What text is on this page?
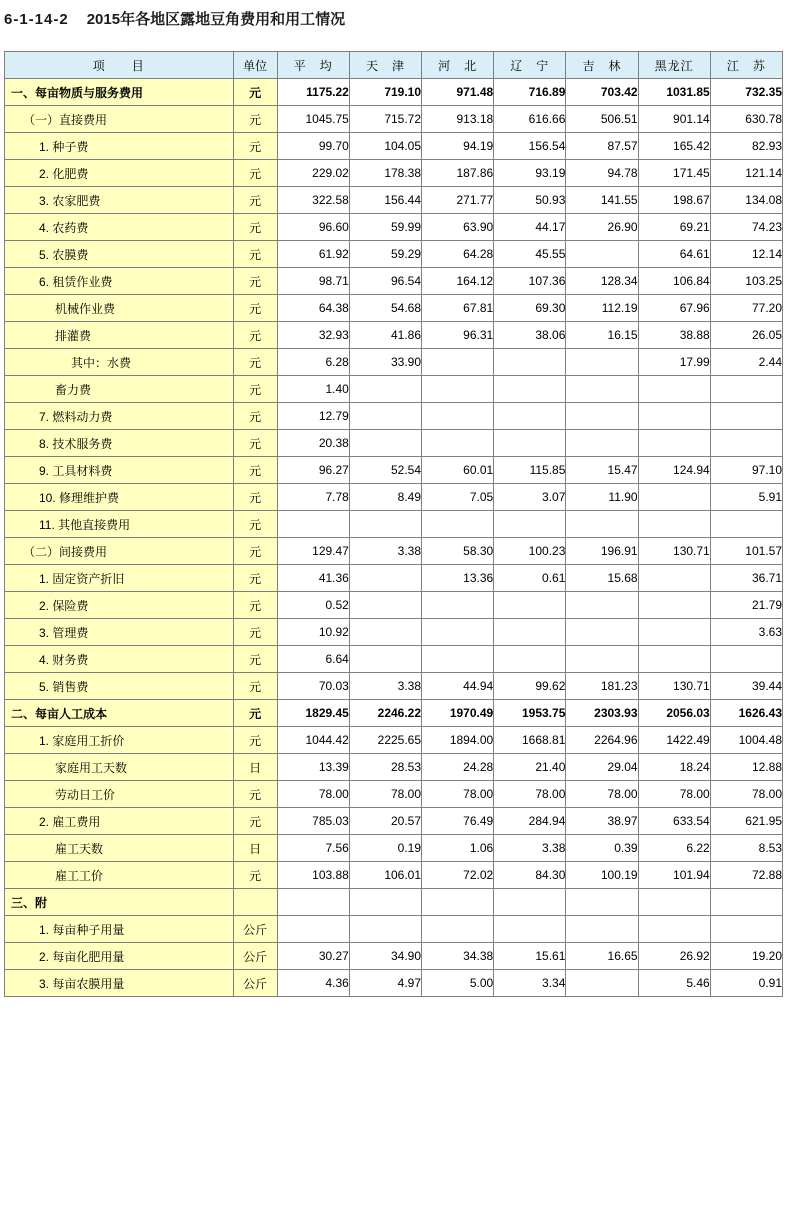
6-1-14-2 2015年各地区露地豆角费用和用工情况
项　　目	单位	平　均	天　津	河　北	辽　宁	吉　林	黑龙江	江　苏
一、每亩物质与服务费用	元	1175.22	719.10	971.48	716.89	703.42	1031.85	732.35
（一）直接费用	元	1045.75	715.72	913.18	616.66	506.51	901.14	630.78
1. 种子费	元	99.70	104.05	94.19	156.54	87.57	165.42	82.93
2. 化肥费	元	229.02	178.38	187.86	93.19	94.78	171.45	121.14
3. 农家肥费	元	322.58	156.44	271.77	50.93	141.55	198.67	134.08
4. 农药费	元	96.60	59.99	63.90	44.17	26.90	69.21	74.23
5. 农膜费	元	61.92	59.29	64.28	45.55		64.61	12.14
6. 租赁作业费	元	98.71	96.54	164.12	107.36	128.34	106.84	103.25
机械作业费	元	64.38	54.68	67.81	69.30	112.19	67.96	77.20
排灌费	元	32.93	41.86	96.31	38.06	16.15	38.88	26.05
其中：水费	元	6.28	33.90				17.99	2.44
畜力费	元	1.40						
7. 燃料动力费	元	12.79						
8. 技术服务费	元	20.38						
9. 工具材料费	元	96.27	52.54	60.01	115.85	15.47	124.94	97.10
10. 修理维护费	元	7.78	8.49	7.05	3.07	11.90		5.91
11. 其他直接费用	元							
（二）间接费用	元	129.47	3.38	58.30	100.23	196.91	130.71	101.57
1. 固定资产折旧	元	41.36		13.36	0.61	15.68		36.71
2. 保险费	元	0.52						21.79
3. 管理费	元	10.92						3.63
4. 财务费	元	6.64						
5. 销售费	元	70.03	3.38	44.94	99.62	181.23	130.71	39.44
二、每亩人工成本	元	1829.45	2246.22	1970.49	1953.75	2303.93	2056.03	1626.43
1. 家庭用工折价	元	1044.42	2225.65	1894.00	1668.81	2264.96	1422.49	1004.48
家庭用工天数	日	13.39	28.53	24.28	21.40	29.04	18.24	12.88
劳动日工价	元	78.00	78.00	78.00	78.00	78.00	78.00	78.00
2. 雇工费用	元	785.03	20.57	76.49	284.94	38.97	633.54	621.95
雇工天数	日	7.56	0.19	1.06	3.38	0.39	6.22	8.53
雇工工价	元	103.88	106.01	72.02	84.30	100.19	101.94	72.88
三、附								
1. 每亩种子用量	公斤							
2. 每亩化肥用量	公斤	30.27	34.90	34.38	15.61	16.65	26.92	19.20
3. 每亩农膜用量	公斤	4.36	4.97	5.00	3.34		5.46	0.91
